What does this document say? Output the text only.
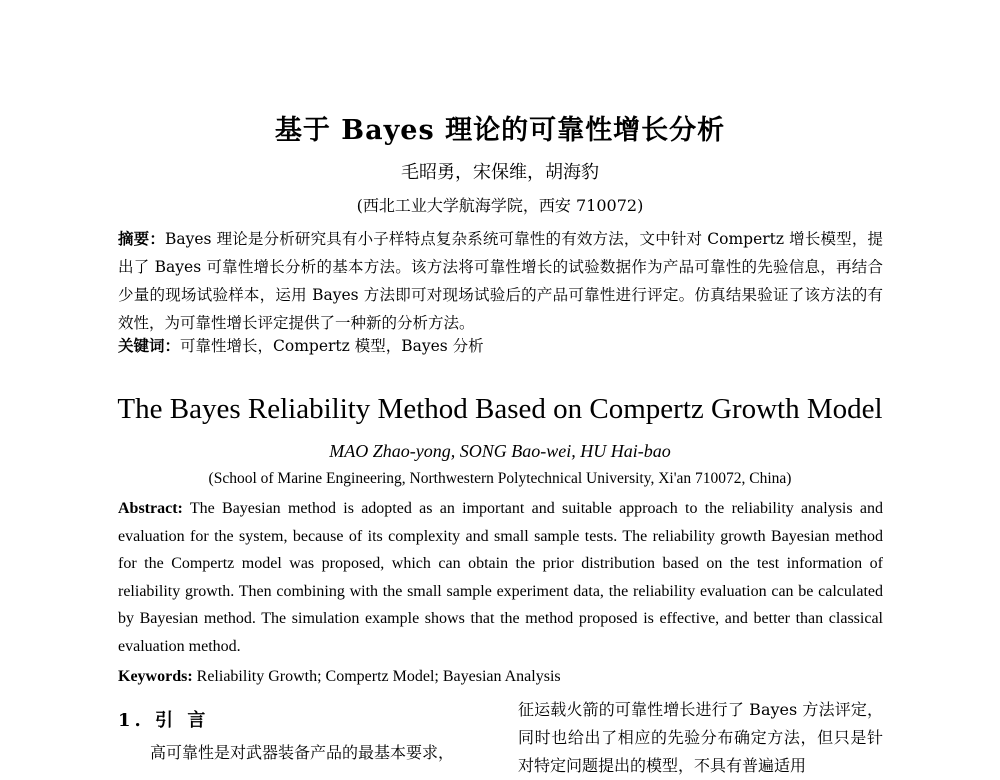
基于 Bayes 理论的可靠性增长分析
毛昭勇，宋保维，胡海豹
(西北工业大学航海学院，西安 710072)
摘要：Bayes 理论是分析研究具有小子样特点复杂系统可靠性的有效方法，文中针对 Compertz 增长模型，提出了 Bayes 可靠性增长分析的基本方法。该方法将可靠性增长的试验数据作为产品可靠性的先验信息，再结合少量的现场试验样本，运用 Bayes 方法即可对现场试验后的产品可靠性进行评定。仿真结果验证了该方法的有效性，为可靠性增长评定提供了一种新的分析方法。
关键词：可靠性增长，Compertz 模型，Bayes 分析
The Bayes Reliability Method Based on Compertz Growth Model
MAO Zhao-yong, SONG Bao-wei, HU Hai-bao
(School of Marine Engineering, Northwestern Polytechnical University, Xi'an 710072, China)
Abstract: The Bayesian method is adopted as an important and suitable approach to the reliability analysis and evaluation for the system, because of its complexity and small sample tests. The reliability growth Bayesian method for the Compertz model was proposed, which can obtain the prior distribution based on the test information of reliability growth. Then combining with the small sample experiment data, the reliability evaluation can be calculated by Bayesian method. The simulation example shows that the method proposed is effective, and better than classical evaluation method.
Keywords: Reliability Growth; Compertz Model; Bayesian Analysis
1. 引 言
高可靠性是对武器装备产品的最基本要求，
征运载火箭的可靠性增长进行了 Bayes 方法评定，同时也给出了相应的先验分布确定方法，但只是针对特定问题提出的模型，不具有普遍适用
